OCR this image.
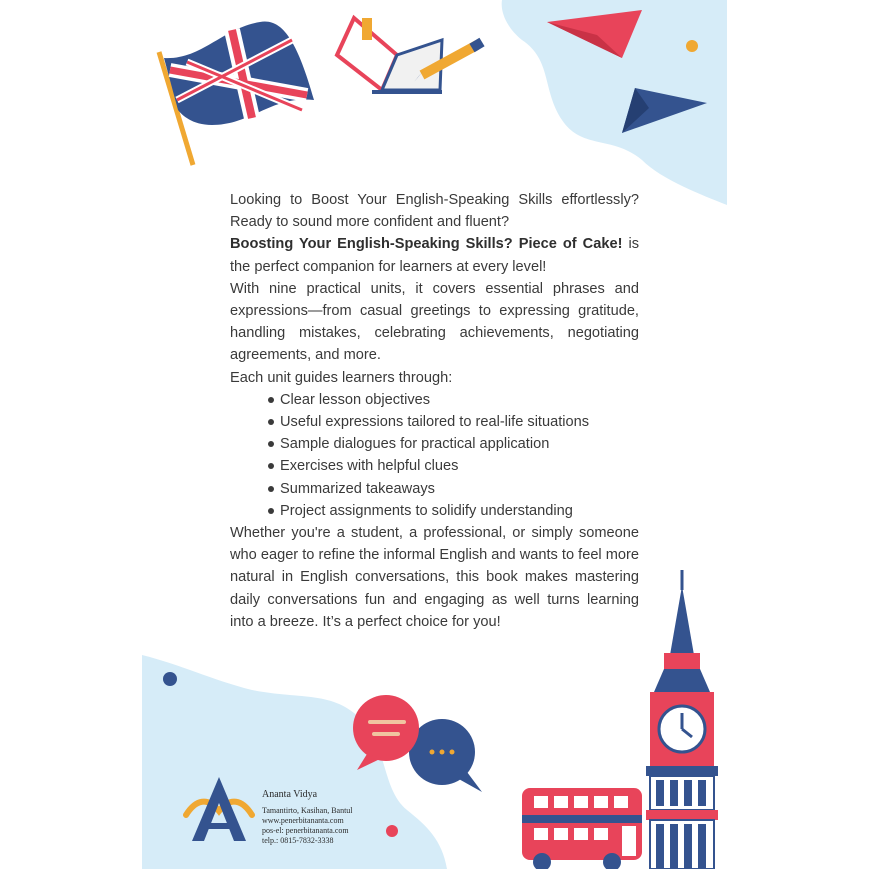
Looking to Boost Your English-Speaking Skills effortlessly? Ready to sound more confident and fluent?

Boosting Your English-Speaking Skills? Piece of Cake! is the perfect companion for learners at every level!

With nine practical units, it covers essential phrases and expressions—from casual greetings to expressing gratitude, handling mistakes, celebrating achievements, negotiating agreements, and more.

Each unit guides learners through:

Clear lesson objectives
Useful expressions tailored to real-life situations
Sample dialogues for practical application
Exercises with helpful clues
Summarized takeaways
Project assignments to solidify understanding

Whether you're a student, a professional, or simply someone who eager to refine the informal English and wants to feel more natural in English conversations, this book makes mastering daily conversations fun and engaging as well turns learning into a breeze. It’s a perfect choice for you!

Ananta Vidya
Tamantirto, Kasihan, Bantul
www.penerbitananta.com
pos-el: penerbitananta.com
telp.: 0815-7832-3338
